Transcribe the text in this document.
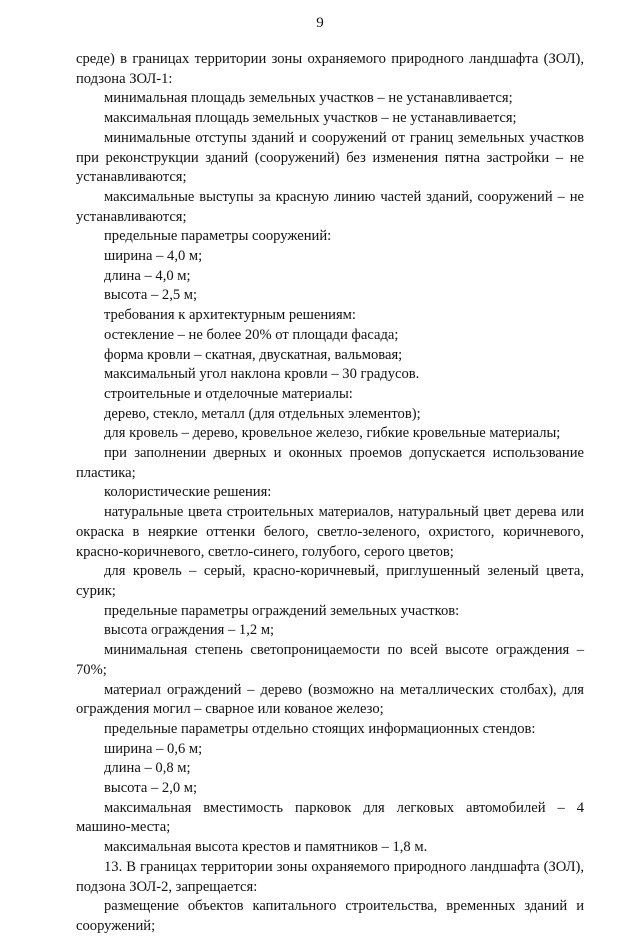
9

среде) в границах территории зоны охраняемого природного ландшафта (ЗОЛ), подзона ЗОЛ-1:

минимальная площадь земельных участков – не устанавливается;

максимальная площадь земельных участков – не устанавливается;

минимальные отступы зданий и сооружений от границ земельных участков при реконструкции зданий (сооружений) без изменения пятна застройки – не устанавливаются;

максимальные выступы за красную линию частей зданий, сооружений – не устанавливаются;

предельные параметры сооружений:

ширина – 4,0 м;

длина – 4,0 м;

высота – 2,5 м;

требования к архитектурным решениям:

остекление – не более 20% от площади фасада;

форма кровли – скатная, двускатная, вальмовая;

максимальный угол наклона кровли – 30 градусов.

строительные и отделочные материалы:

дерево, стекло, металл (для отдельных элементов);

для кровель – дерево, кровельное железо, гибкие кровельные материалы;

при заполнении дверных и оконных проемов допускается использование пластика;

колористические решения:

натуральные цвета строительных материалов, натуральный цвет дерева или окраска в неяркие оттенки белого, светло-зеленого, охристого, коричневого, красно-коричневого, светло-синего, голубого, серого цветов;

для кровель – серый, красно-коричневый, приглушенный зеленый цвета, сурик;

предельные параметры ограждений земельных участков:

высота ограждения – 1,2 м;

минимальная степень светопроницаемости по всей высоте ограждения – 70%;

материал ограждений – дерево (возможно на металлических столбах), для ограждения могил – сварное или кованое железо;

предельные параметры отдельно стоящих информационных стендов:

ширина – 0,6 м;

длина – 0,8 м;

высота – 2,0 м;

максимальная вместимость парковок для легковых автомобилей – 4 машино-места;

максимальная высота крестов и памятников – 1,8 м.

13. В границах территории зоны охраняемого природного ландшафта (ЗОЛ), подзона ЗОЛ-2, запрещается:

размещение объектов капитального строительства, временных зданий и сооружений;
